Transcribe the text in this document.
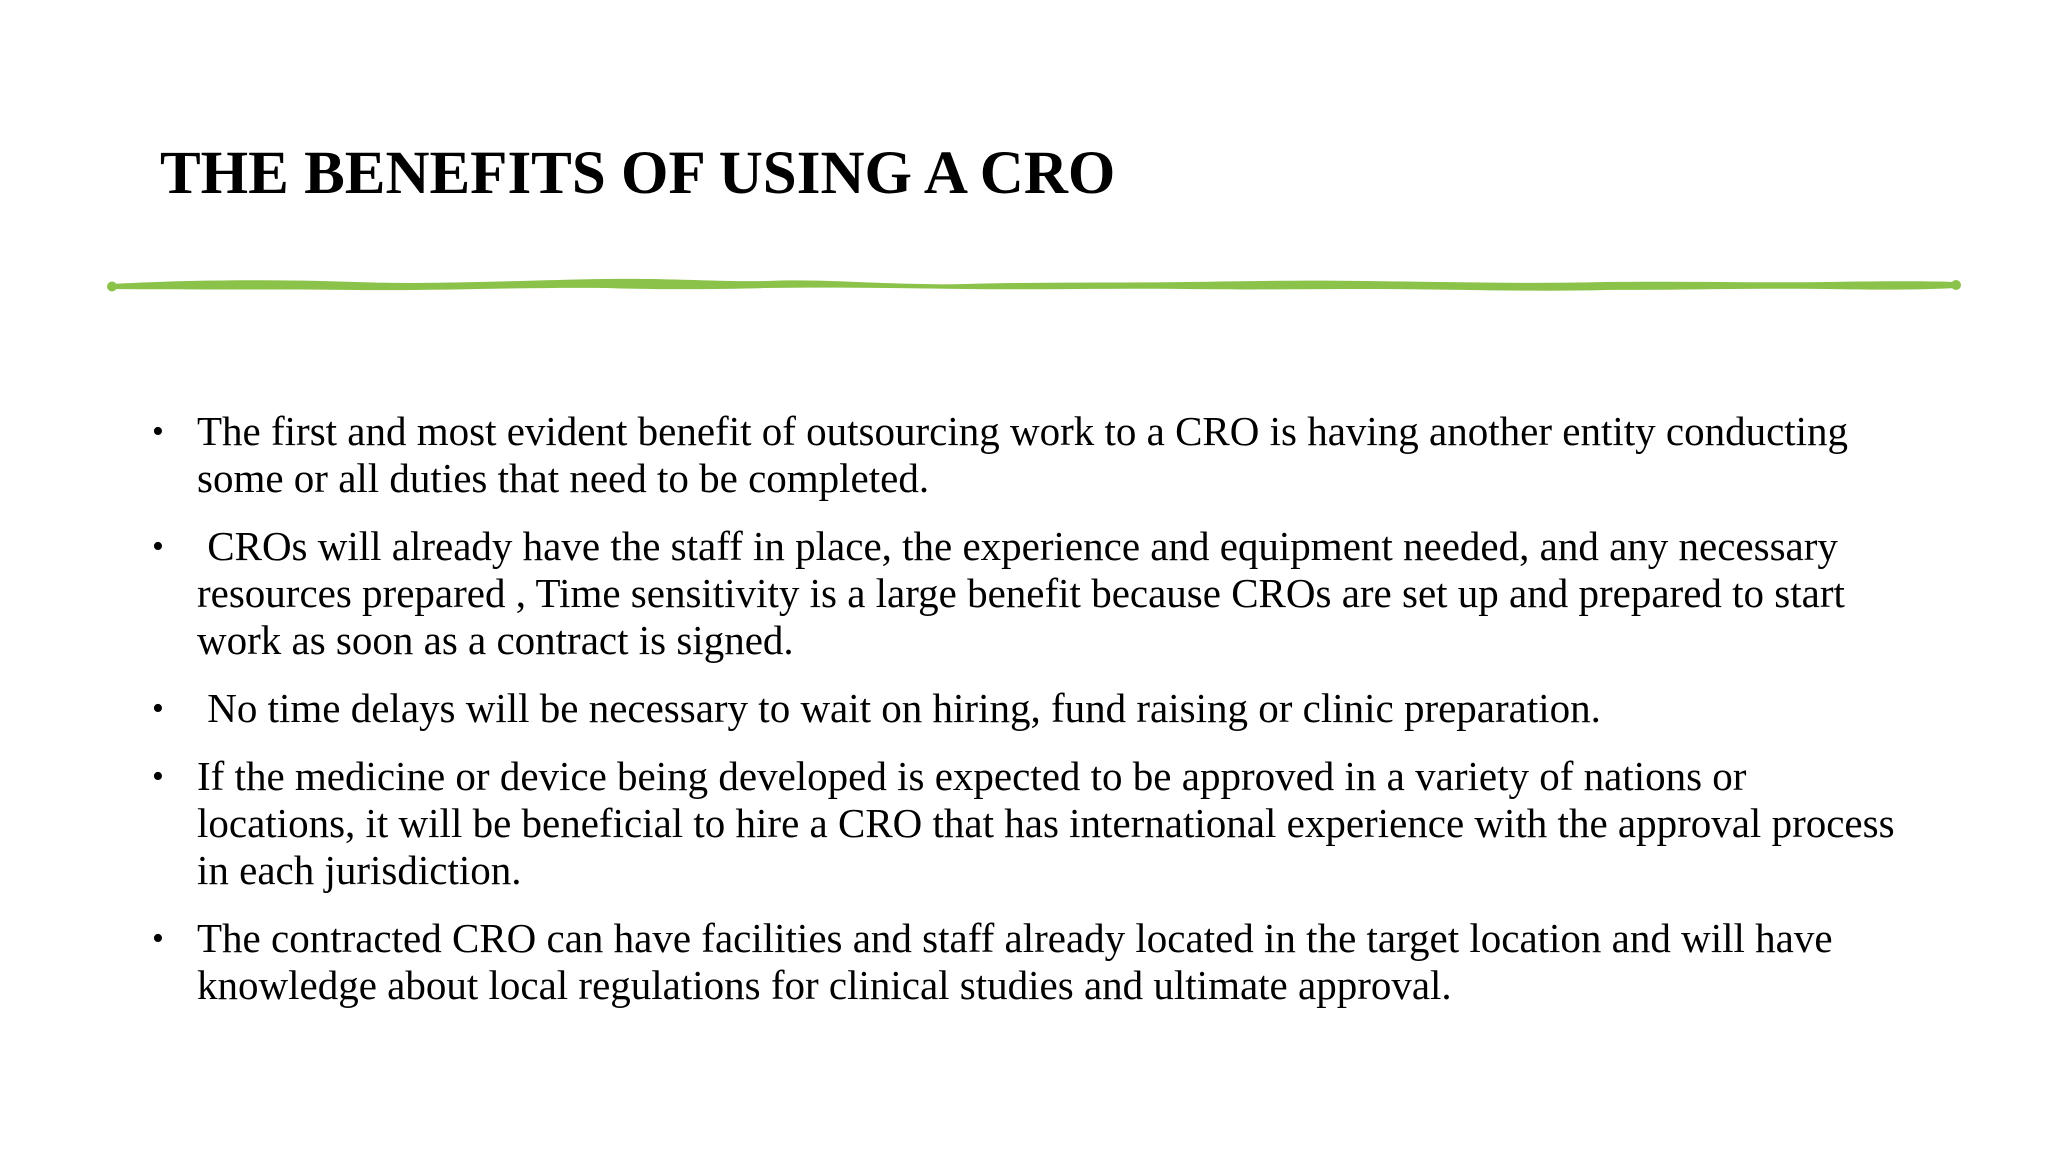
THE BENEFITS OF USING A CRO
• The first and most evident benefit of outsourcing work to a CRO is having another entity conducting some or all duties that need to be completed.
• CROs will already have the staff in place, the experience and equipment needed, and any necessary resources prepared , Time sensitivity is a large benefit because CROs are set up and prepared to start work as soon as a contract is signed.
• No time delays will be necessary to wait on hiring, fund raising or clinic preparation.
• If the medicine or device being developed is expected to be approved in a variety of nations or locations, it will be beneficial to hire a CRO that has international experience with the approval process in each jurisdiction.
• The contracted CRO can have facilities and staff already located in the target location and will have knowledge about local regulations for clinical studies and ultimate approval.
